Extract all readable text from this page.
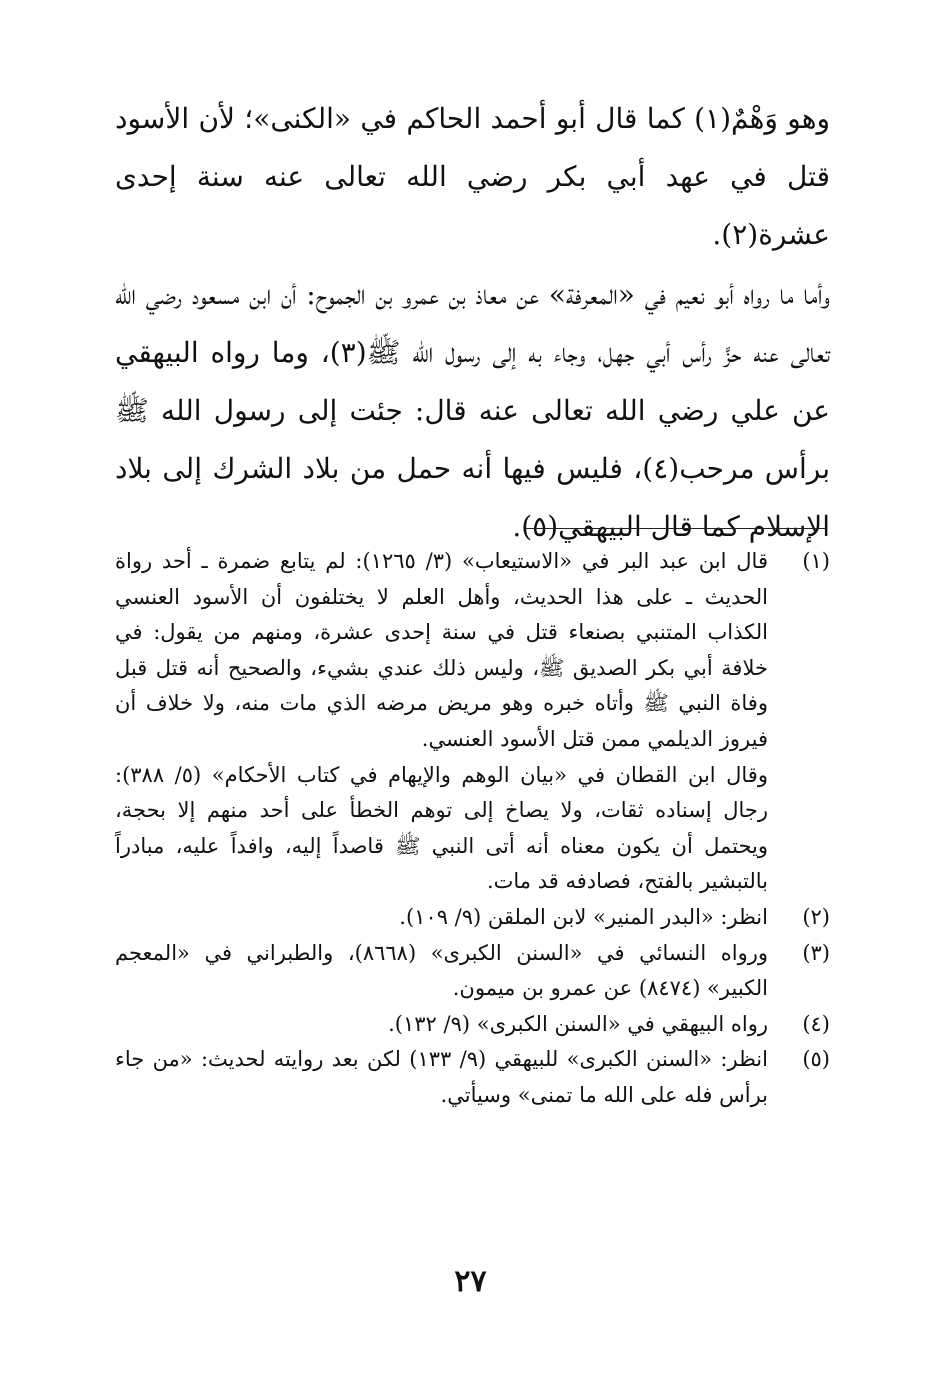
وهو وَهْمٌ(١) كما قال أبو أحمد الحاكم في «الكنى»؛ لأن الأسود قتل في عهد أبي بكر رضي الله تعالى عنه سنة إحدى عشرة(٢).

وأما ما رواه أبو نعيم في «المعرفة» عن معاذ بن عمرو بن الجموح: أن ابن مسعود رضي الله تعالى عنه حزَّ رأس أبي جهل، وجاء به إلى رسول الله ﷺ(٣)، وما رواه البيهقي عن علي رضي الله تعالى عنه قال: جئت إلى رسول الله ﷺ برأس مرحب(٤)، فليس فيها أنه حمل من بلاد الشرك إلى بلاد الإسلام كما قال البيهقي(٥).

(١)

قال ابن عبد البر في «الاستيعاب» (٣/ ١٢٦٥): لم يتابع ضمرة ـ أحد رواة الحديث ـ على هذا الحديث، وأهل العلم لا يختلفون أن الأسود العنسي الكذاب المتنبي بصنعاء قتل في سنة إحدى عشرة، ومنهم من يقول: في خلافة أبي بكر الصديق ﷺ، وليس ذلك عندي بشيء، والصحيح أنه قتل قبل وفاة النبي ﷺ وأتاه خبره وهو مريض مرضه الذي مات منه، ولا خلاف أن فيروز الديلمي ممن قتل الأسود العنسي.

وقال ابن القطان في «بيان الوهم والإيهام في كتاب الأحكام» (٥/ ٣٨٨): رجال إسناده ثقات، ولا يصاخ إلى توهم الخطأ على أحد منهم إلا بحجة، ويحتمل أن يكون معناه أنه أتى النبي ﷺ قاصداً إليه، وافداً عليه، مبادراً بالتبشير بالفتح، فصادفه قد مات.

(٢)

انظر: «البدر المنير» لابن الملقن (٩/ ١٠٩).

(٣)

ورواه النسائي في «السنن الكبرى» (٨٦٦٨)، والطبراني في «المعجم الكبير» (٨٤٧٤) عن عمرو بن ميمون.

(٤)

رواه البيهقي في «السنن الكبرى» (٩/ ١٣٢).

(٥)

انظر: «السنن الكبرى» للبيهقي (٩/ ١٣٣) لكن بعد روايته لحديث: «من جاء برأس فله على الله ما تمنى» وسيأتي.

٢٧
